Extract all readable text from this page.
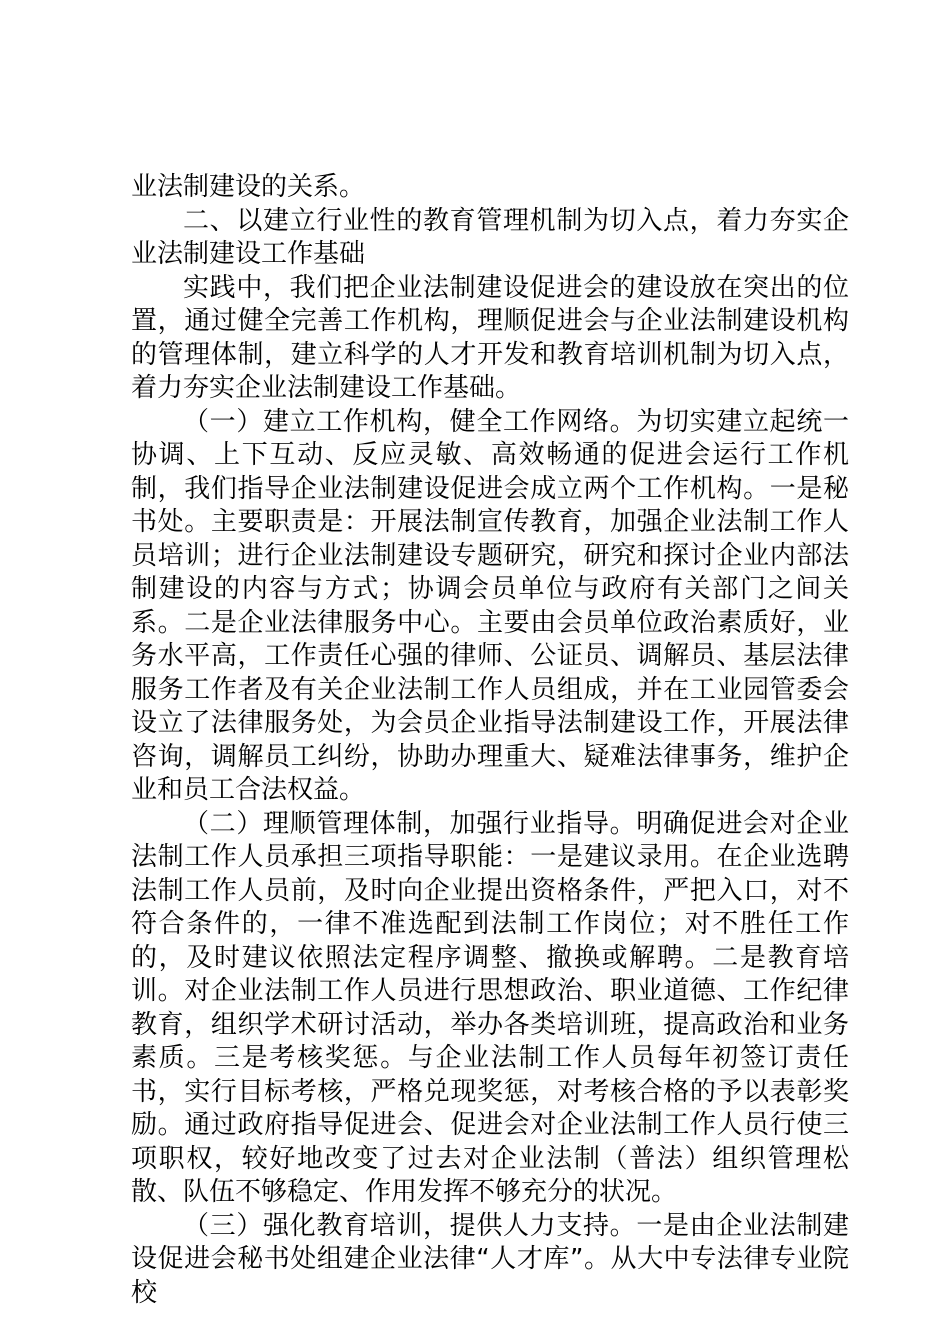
业法制建设的关系。

二、以建立行业性的教育管理机制为切入点，着力夯实企业法制建设工作基础

实践中，我们把企业法制建设促进会的建设放在突出的位置，通过健全完善工作机构，理顺促进会与企业法制建设机构的管理体制，建立科学的人才开发和教育培训机制为切入点，着力夯实企业法制建设工作基础。

（一）建立工作机构，健全工作网络。为切实建立起统一协调、上下互动、反应灵敏、高效畅通的促进会运行工作机制，我们指导企业法制建设促进会成立两个工作机构。一是秘书处。主要职责是：开展法制宣传教育，加强企业法制工作人员培训；进行企业法制建设专题研究，研究和探讨企业内部法制建设的内容与方式；协调会员单位与政府有关部门之间关系。二是企业法律服务中心。主要由会员单位政治素质好，业务水平高，工作责任心强的律师、公证员、调解员、基层法律服务工作者及有关企业法制工作人员组成，并在工业园管委会设立了法律服务处，为会员企业指导法制建设工作，开展法律咨询，调解员工纠纷，协助办理重大、疑难法律事务，维护企业和员工合法权益。

（二）理顺管理体制，加强行业指导。明确促进会对企业法制工作人员承担三项指导职能：一是建议录用。在企业选聘法制工作人员前，及时向企业提出资格条件，严把入口，对不符合条件的，一律不准选配到法制工作岗位；对不胜任工作的，及时建议依照法定程序调整、撤换或解聘。二是教育培训。对企业法制工作人员进行思想政治、职业道德、工作纪律教育，组织学术研讨活动，举办各类培训班，提高政治和业务素质。三是考核奖惩。与企业法制工作人员每年初签订责任书，实行目标考核，严格兑现奖惩，对考核合格的予以表彰奖励。通过政府指导促进会、促进会对企业法制工作人员行使三项职权，较好地改变了过去对企业法制（普法）组织管理松散、队伍不够稳定、作用发挥不够充分的状况。

（三）强化教育培训，提供人力支持。一是由企业法制建设促进会秘书处组建企业法律“人才库”。从大中专法律专业院校
